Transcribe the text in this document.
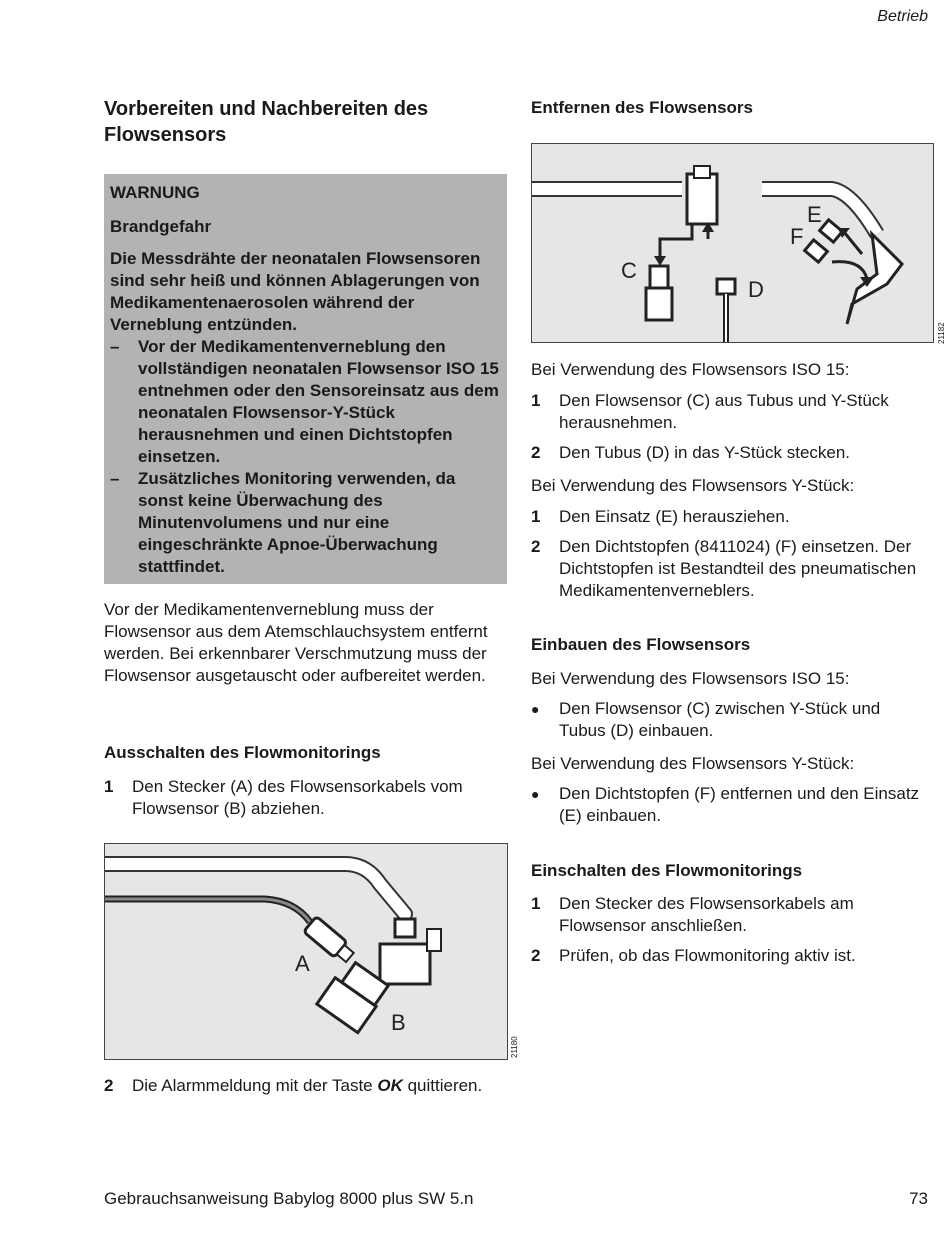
Betrieb
Vorbereiten und Nachbereiten des Flowsensors
WARNUNG
Brandgefahr
Die Messdrähte der neonatalen Flowsensoren sind sehr heiß und können Ablagerungen von Medikamentenaerosolen während der Verneblung entzünden.
–	Vor der Medikamentenverneblung den vollständigen neonatalen Flowsensor ISO 15 entnehmen oder den Sensoreinsatz aus dem neonatalen Flowsensor-Y-Stück herausnehmen und einen Dichtstopfen einsetzen.
–	Zusätzliches Monitoring verwenden, da sonst keine Überwachung des Minutenvolumens und nur eine eingeschränkte Apnoe-Überwachung stattfindet.
Vor der Medikamentenverneblung muss der Flowsensor aus dem Atemschlauchsystem entfernt werden. Bei erkennbarer Verschmutzung muss der Flowsensor ausgetauscht oder aufbereitet werden.
Ausschalten des Flowmonitorings
1	Den Stecker (A) des Flowsensorkabels vom Flowsensor (B) abziehen.
A
B
21180
2	Die Alarmmeldung mit der Taste OK quittieren.
Entfernen des Flowsensors
C
D
E
F
21182
Bei Verwendung des Flowsensors ISO 15:
1	Den Flowsensor (C) aus Tubus und Y-Stück herausnehmen.
2	Den Tubus (D) in das Y-Stück stecken.
Bei Verwendung des Flowsensors Y-Stück:
1	Den Einsatz (E) herausziehen.
2	Den Dichtstopfen (8411024) (F) einsetzen. Der Dichtstopfen ist Bestandteil des pneumatischen Medikamentenverneblers.
Einbauen des Flowsensors
Bei Verwendung des Flowsensors ISO 15:
●	Den Flowsensor (C) zwischen Y-Stück und Tubus (D) einbauen.
Bei Verwendung des Flowsensors Y-Stück:
●	Den Dichtstopfen (F) entfernen und den Einsatz (E) einbauen.
Einschalten des Flowmonitorings
1	Den Stecker des Flowsensorkabels am Flowsensor anschließen.
2	Prüfen, ob das Flowmonitoring aktiv ist.
Gebrauchsanweisung Babylog 8000 plus SW 5.n	73
